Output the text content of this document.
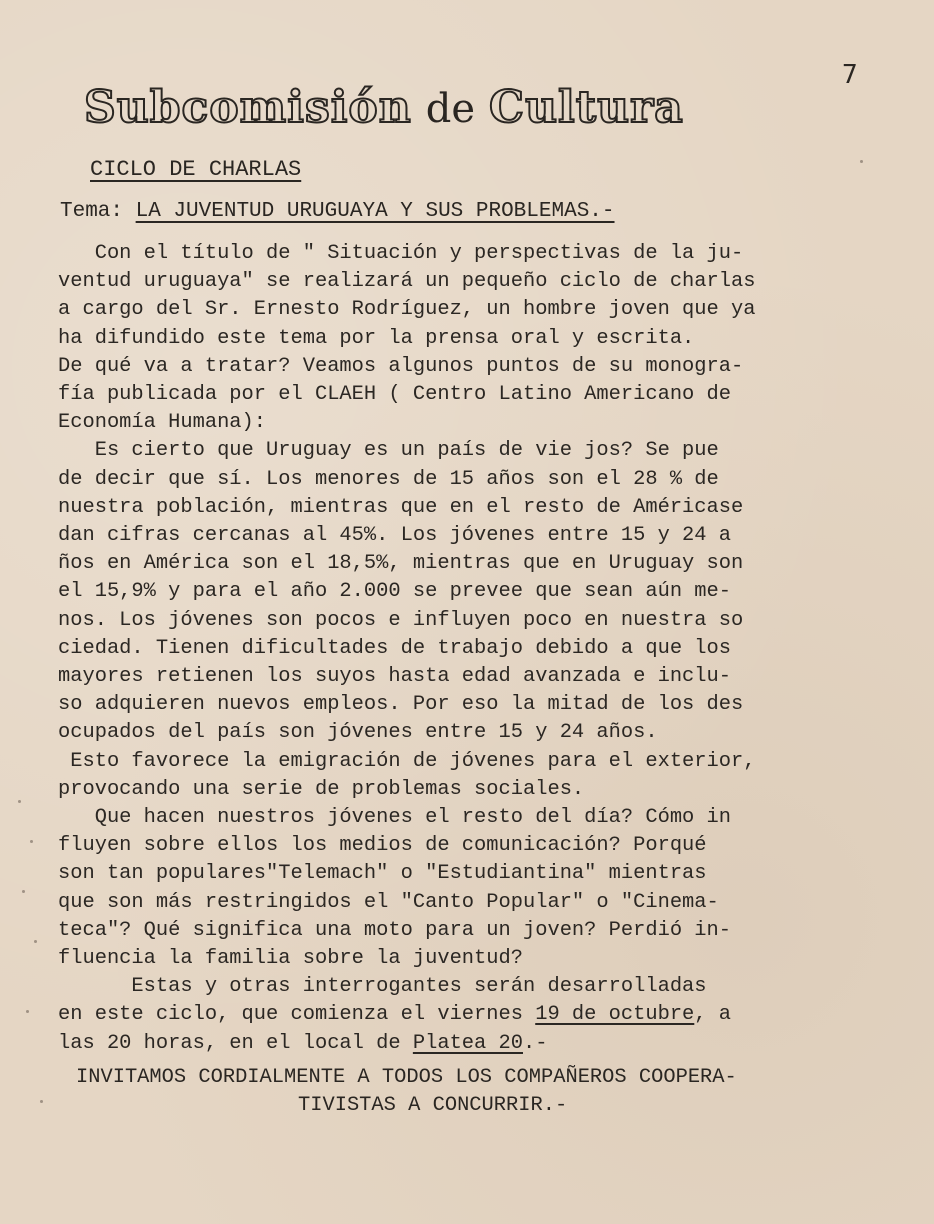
7
Subcomisión de Cultura
CICLO DE CHARLAS
Tema: LA JUVENTUD URUGUAYA Y SUS PROBLEMAS.-
Con el título de " Situación y perspectivas de la ju-
ventud uruguaya" se realizará un pequeño ciclo de charlas
a cargo del Sr. Ernesto Rodríguez, un hombre joven que ya
ha difundido este tema por la prensa oral y escrita.
De qué va a tratar? Veamos algunos puntos de su monogra-
fía publicada por el CLAEH ( Centro Latino Americano de
Economía Humana):
Es cierto que Uruguay es un país de vie jos? Se pue
de decir que sí. Los menores de 15 años son el 28 % de
nuestra población, mientras que en el resto de Américase
dan cifras cercanas al 45%. Los jóvenes entre 15 y 24 a
ños en América son el 18,5%, mientras que en Uruguay son
el 15,9% y para el año 2.000 se prevee que sean aún me-
nos. Los jóvenes son pocos e influyen poco en nuestra so
ciedad. Tienen dificultades de trabajo debido a que los
mayores retienen los suyos hasta edad avanzada e inclu-
so adquieren nuevos empleos. Por eso la mitad de los des
ocupados del país son jóvenes entre 15 y 24 años.
Esto favorece la emigración de jóvenes para el exterior,
provocando una serie de problemas sociales.
Que hacen nuestros jóvenes el resto del día? Cómo in
fluyen sobre ellos los medios de comunicación? Porqué
son tan populares"Telemach" o "Estudiantina" mientras
que son más restringidos el "Canto Popular" o "Cinema-
teca"? Qué significa una moto para un joven? Perdió in-
fluencia la familia sobre la juventud?
Estas y otras interrogantes serán desarrolladas
en este ciclo, que comienza el viernes 19 de octubre, a
las 20 horas, en el local de Platea 20.-
INVITAMOS CORDIALMENTE A TODOS LOS COMPAÑEROS COOPERA-
TIVISTAS A CONCURRIR.-
